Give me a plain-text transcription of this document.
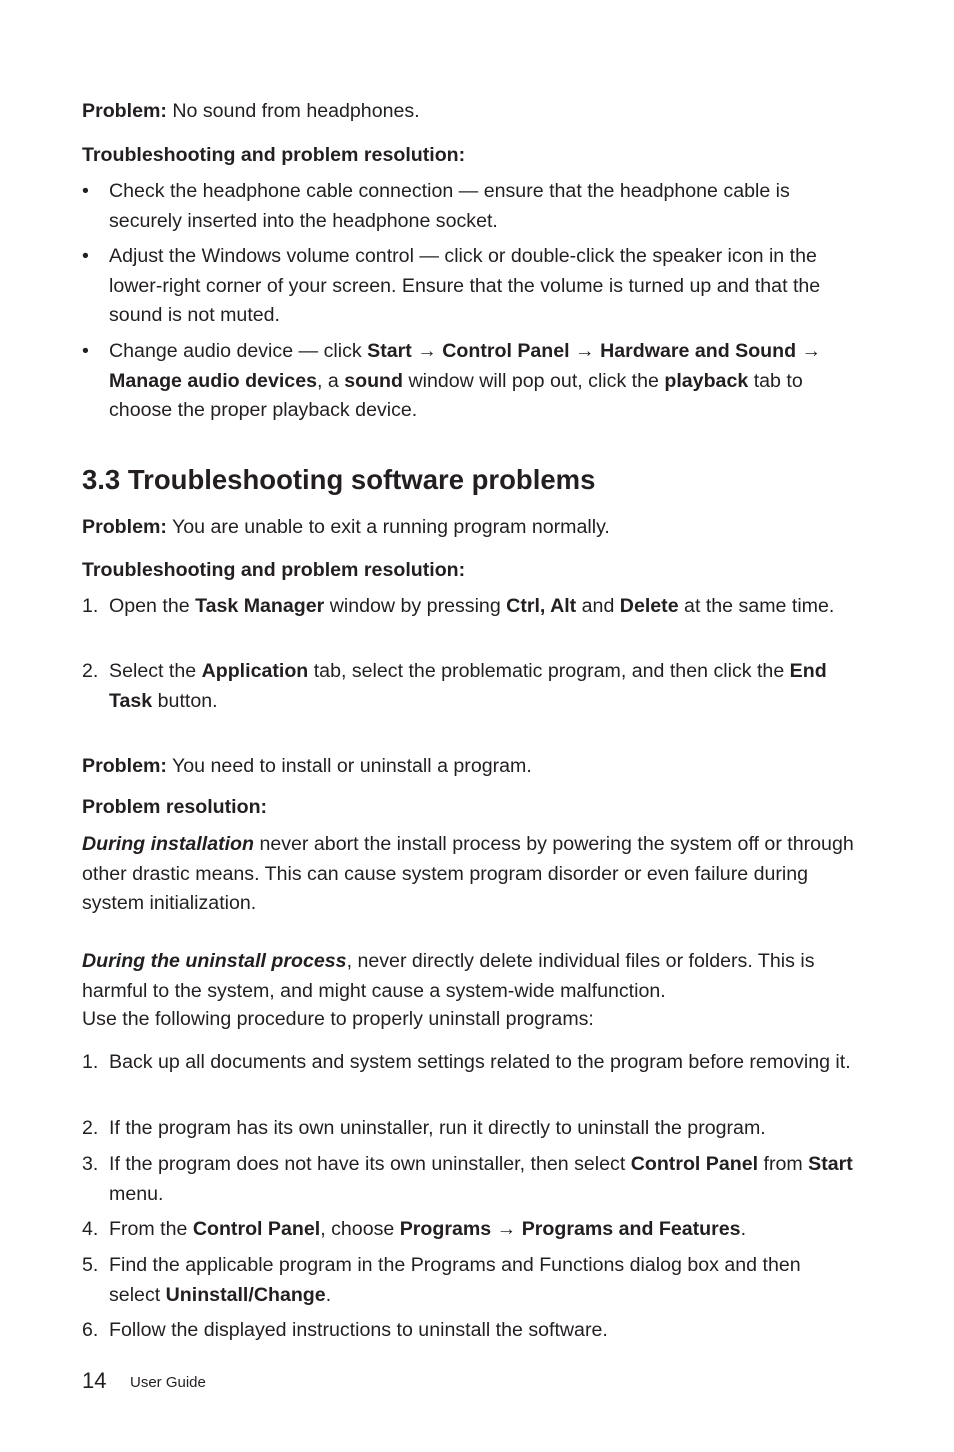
Problem: No sound from headphones.
Troubleshooting and problem resolution:
• Check the headphone cable connection — ensure that the headphone cable is securely inserted into the headphone socket.
• Adjust the Windows volume control — click or double-click the speaker icon in the lower-right corner of your screen. Ensure that the volume is turned up and that the sound is not muted.
• Change audio device — click Start → Control Panel → Hardware and Sound → Manage audio devices, a sound window will pop out, click the playback tab to choose the proper playback device.
3.3 Troubleshooting software problems
Problem: You are unable to exit a running program normally.
Troubleshooting and problem resolution:
1. Open the Task Manager window by pressing Ctrl, Alt and Delete at the same time.
2. Select the Application tab, select the problematic program, and then click the End Task button.
Problem: You need to install or uninstall a program.
Problem resolution:
During installation never abort the install process by powering the system off or through other drastic means. This can cause system program disorder or even failure during system initialization.
During the uninstall process, never directly delete individual files or folders. This is harmful to the system, and might cause a system-wide malfunction.
Use the following procedure to properly uninstall programs:
1. Back up all documents and system settings related to the program before removing it.
2. If the program has its own uninstaller, run it directly to uninstall the program.
3. If the program does not have its own uninstaller, then select Control Panel from Start menu.
4. From the Control Panel, choose Programs → Programs and Features.
5. Find the applicable program in the Programs and Functions dialog box and then select Uninstall/Change.
6. Follow the displayed instructions to uninstall the software.
14 User Guide
